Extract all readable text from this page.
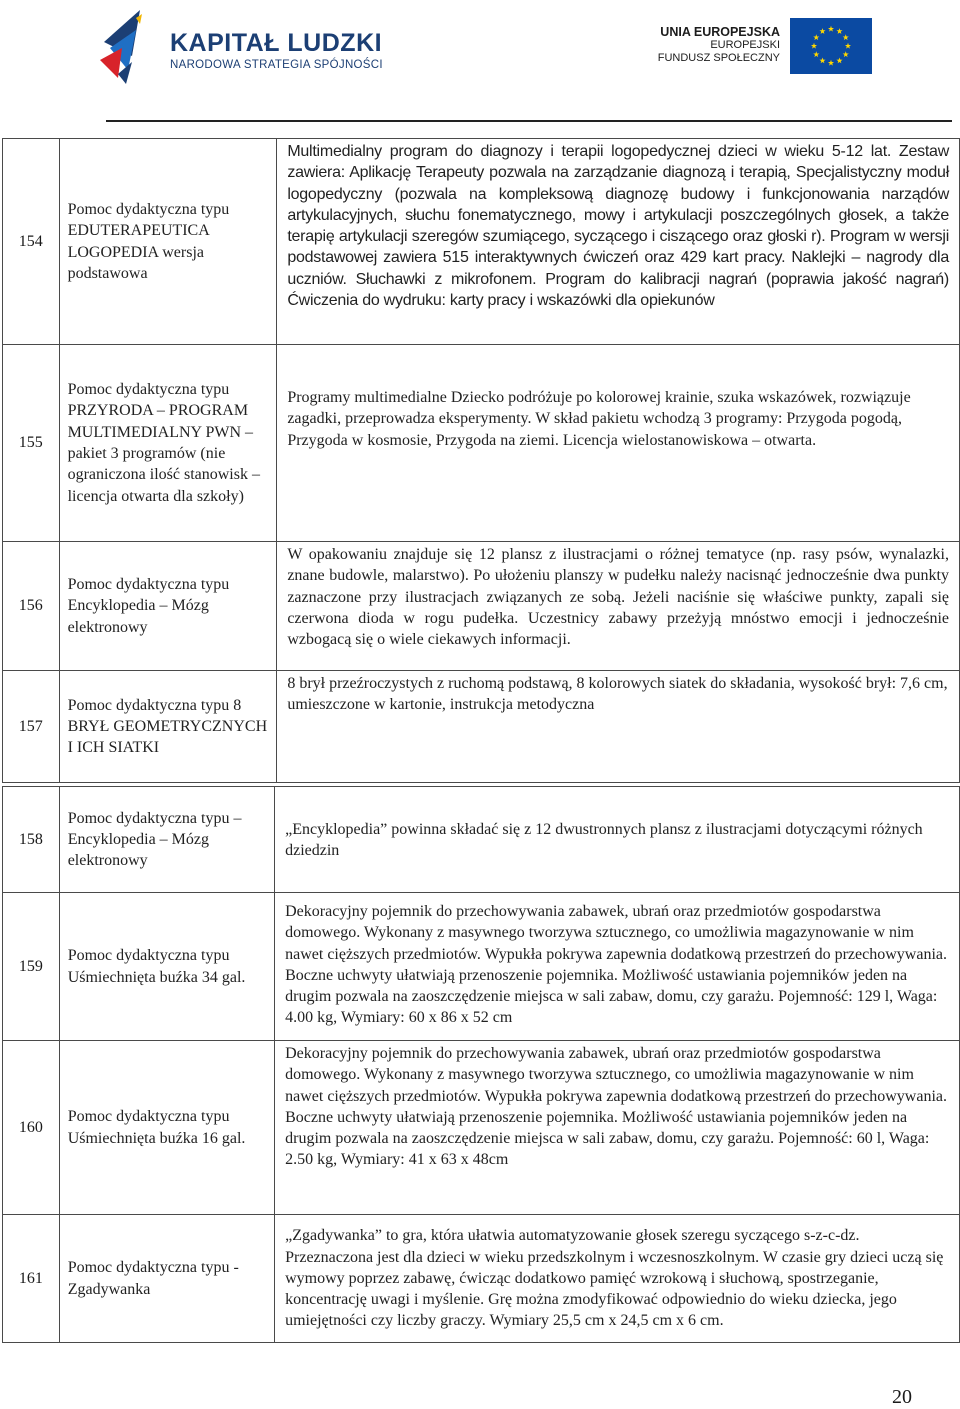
KAPITAŁ LUDZKI
NARODOWA STRATEGIA SPÓJNOŚCI
UNIA EUROPEJSKA
EUROPEJSKI
FUNDUSZ SPOŁECZNY
154	Pomoc dydaktyczna typu EDUTERAPEUTICA LOGOPEDIA wersja podstawowa	Multimedialny program do diagnozy i terapii logopedycznej dzieci w wieku 5-12 lat. Zestaw zawiera: Aplikację Terapeuty pozwala na zarządzanie diagnozą i terapią, Specjalistyczny moduł logopedyczny (pozwala na kompleksową diagnozę budowy i funkcjonowania narządów artykulacyjnych, słuchu fonematycznego, mowy i artykulacji poszczególnych głosek, a także terapię artykulacji szeregów szumiącego, syczącego i ciszącego oraz głoski r). Program w wersji podstawowej zawiera 515 interaktywnych ćwiczeń oraz 429 kart pracy. Naklejki – nagrody dla uczniów. Słuchawki z mikrofonem. Program do kalibracji nagrań (poprawia jakość nagrań) Ćwiczenia do wydruku: karty pracy i wskazówki dla opiekunów
155	Pomoc dydaktyczna typu PRZYRODA – PROGRAM MULTIMEDIALNY PWN – pakiet 3 programów (nie ograniczona ilość stanowisk – licencja otwarta dla szkoły)	Programy multimedialne Dziecko podróżuje po kolorowej krainie, szuka wskazówek, rozwiązuje zagadki, przeprowadza eksperymenty. W skład pakietu wchodzą 3 programy: Przygoda pogodą, Przygoda w kosmosie, Przygoda na ziemi. Licencja wielostanowiskowa – otwarta.
156	Pomoc dydaktyczna typu Encyklopedia – Mózg elektronowy	W opakowaniu znajduje się 12 plansz z ilustracjami o różnej tematyce (np. rasy psów, wynalazki, znane budowle, malarstwo). Po ułożeniu planszy w pudełku należy nacisnąć jednocześnie dwa punkty zaznaczone przy ilustracjach związanych ze sobą. Jeżeli naciśnie się właściwe punkty, zapali się czerwona dioda w rogu pudełka. Uczestnicy zabawy przeżyją mnóstwo emocji i jednocześnie wzbogacą się o wiele ciekawych informacji.
157	Pomoc dydaktyczna typu 8 BRYŁ GEOMETRYCZNYCH I ICH SIATKI	8 brył przeźroczystych z ruchomą podstawą, 8 kolorowych siatek do składania, wysokość brył: 7,6 cm, umieszczone w kartonie, instrukcja metodyczna
158	Pomoc dydaktyczna typu – Encyklopedia – Mózg elektronowy	„Encyklopedia” powinna składać się z 12 dwustronnych plansz z ilustracjami dotyczącymi różnych dziedzin
159	Pomoc dydaktyczna typu Uśmiechnięta buźka 34 gal.	Dekoracyjny pojemnik do przechowywania zabawek, ubrań oraz przedmiotów gospodarstwa domowego. Wykonany z masywnego tworzywa sztucznego, co umożliwia magazynowanie w nim nawet cięższych przedmiotów. Wypukła pokrywa zapewnia dodatkową przestrzeń do przechowywania. Boczne uchwyty ułatwiają przenoszenie pojemnika. Możliwość ustawiania pojemników jeden na drugim pozwala na zaoszczędzenie miejsca w sali zabaw, domu, czy garażu. Pojemność: 129 l, Waga: 4.00 kg, Wymiary: 60 x 86 x 52 cm
160	Pomoc dydaktyczna typu Uśmiechnięta buźka 16 gal.	Dekoracyjny pojemnik do przechowywania zabawek, ubrań oraz przedmiotów gospodarstwa domowego. Wykonany z masywnego tworzywa sztucznego, co umożliwia magazynowanie w nim nawet cięższych przedmiotów. Wypukła pokrywa zapewnia dodatkową przestrzeń do przechowywania. Boczne uchwyty ułatwiają przenoszenie pojemnika. Możliwość ustawiania pojemników jeden na drugim pozwala na zaoszczędzenie miejsca w sali zabaw, domu, czy garażu. Pojemność: 60 l, Waga: 2.50 kg, Wymiary: 41 x 63 x 48cm
161	Pomoc dydaktyczna typu - Zgadywanka	„Zgadywanka” to gra, która ułatwia automatyzowanie głosek szeregu syczącego s-z-c-dz. Przeznaczona jest dla dzieci w wieku przedszkolnym i wczesnoszkolnym. W czasie gry dzieci uczą się wymowy poprzez zabawę, ćwicząc dodatkowo pamięć wzrokową i słuchową, spostrzeganie, koncentrację uwagi i myślenie. Grę można zmodyfikować odpowiednio do wieku dziecka, jego umiejętności czy liczby graczy. Wymiary 25,5 cm x 24,5 cm x 6 cm.
20
